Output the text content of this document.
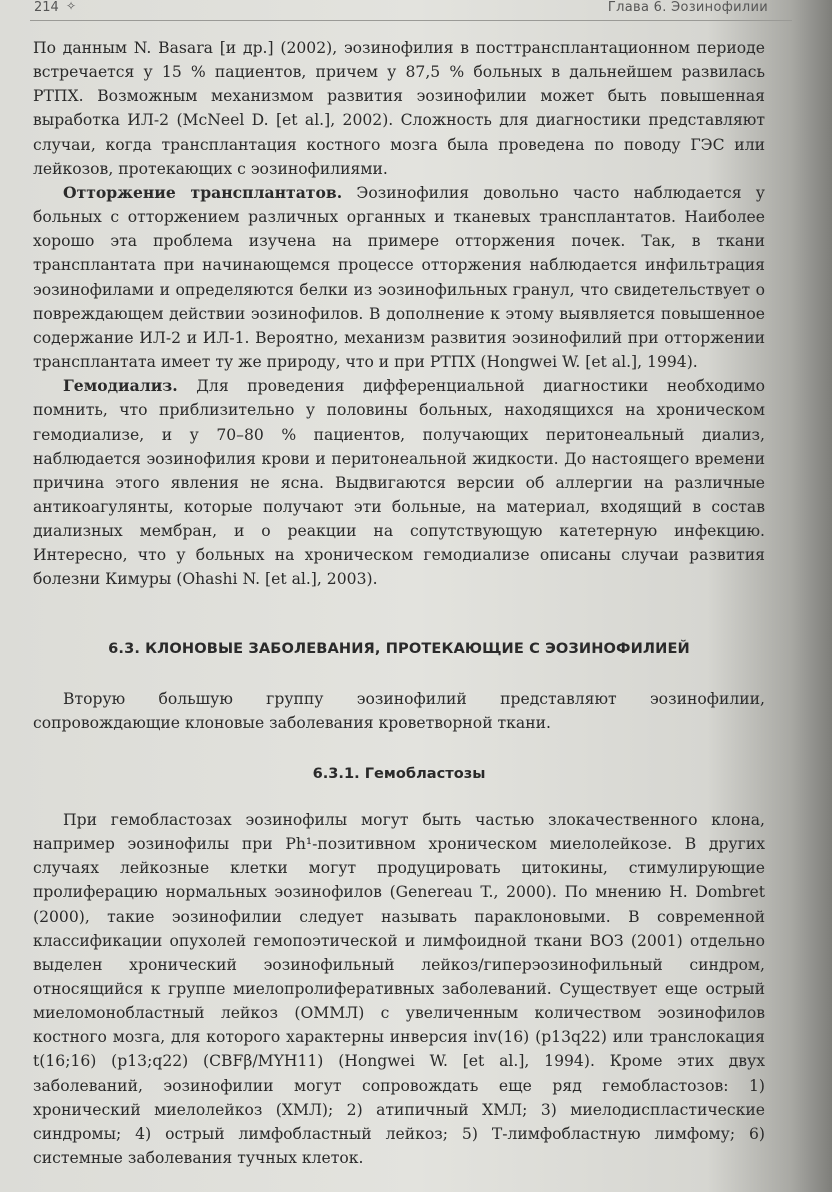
214 ✧	Глава 6. Эозинофилии

По данным N. Basara [и др.] (2002), эозинофилия в посттрансплантационном периоде встречается у 15 % пациентов, причем у 87,5 % больных в дальнейшем развилась РТПХ. Возможным механизмом развития эозинофилии может быть повышенная выработка ИЛ-2 (McNeel D. [et al.], 2002). Сложность для диагностики представляют случаи, когда трансплантация костного мозга была проведена по поводу ГЭС или лейкозов, протекающих с эозинофилиями.

Отторжение трансплантатов. Эозинофилия довольно часто наблюдается у больных с отторжением различных органных и тканевых трансплантатов. Наиболее хорошо эта проблема изучена на примере отторжения почек. Так, в ткани трансплантата при начинающемся процессе отторжения наблюдается инфильтрация эозинофилами и определяются белки из эозинофильных гранул, что свидетельствует о повреждающем действии эозинофилов. В дополнение к этому выявляется повышенное содержание ИЛ-2 и ИЛ-1. Вероятно, механизм развития эозинофилий при отторжении трансплантата имеет ту же природу, что и при РТПХ (Hongwei W. [et al.], 1994).

Гемодиализ. Для проведения дифференциальной диагностики необходимо помнить, что приблизительно у половины больных, находящихся на хроническом гемодиализе, и у 70–80 % пациентов, получающих перитонеальный диализ, наблюдается эозинофилия крови и перитонеальной жидкости. До настоящего времени причина этого явления не ясна. Выдвигаются версии об аллергии на различные антикоагулянты, которые получают эти больные, на материал, входящий в состав диализных мембран, и о реакции на сопутствующую катетерную инфекцию. Интересно, что у больных на хроническом гемодиализе описаны случаи развития болезни Кимуры (Ohashi N. [et al.], 2003).

6.3. КЛОНОВЫЕ ЗАБОЛЕВАНИЯ, ПРОТЕКАЮЩИЕ С ЭОЗИНОФИЛИЕЙ

Вторую большую группу эозинофилий представляют эозинофилии, сопровождающие клоновые заболевания кроветворной ткани.

6.3.1. Гемобластозы

При гемобластозах эозинофилы могут быть частью злокачественного клона, например эозинофилы при Ph¹-позитивном хроническом миелолейкозе. В других случаях лейкозные клетки могут продуцировать цитокины, стимулирующие пролиферацию нормальных эозинофилов (Genereau T., 2000). По мнению H. Dombret (2000), такие эозинофилии следует называть параклоновыми. В современной классификации опухолей гемопоэтической и лимфоидной ткани ВОЗ (2001) отдельно выделен хронический эозинофильный лейкоз/гиперэозинофильный синдром, относящийся к группе миелопролиферативных заболеваний. Существует еще острый миеломонобластный лейкоз (ОММЛ) с увеличенным количеством эозинофилов костного мозга, для которого характерны инверсия inv(16) (p13q22) или транслокация t(16;16) (p13;q22) (CBFβ/MYH11) (Hongwei W. [et al.], 1994). Кроме этих двух заболеваний, эозинофилии могут сопровождать еще ряд гемобластозов: 1) хронический миелолейкоз (ХМЛ); 2) атипичный ХМЛ; 3) миелодиспластические синдромы; 4) острый лимфобластный лейкоз; 5) Т-лимфобластную лимфому; 6) системные заболевания тучных клеток.
